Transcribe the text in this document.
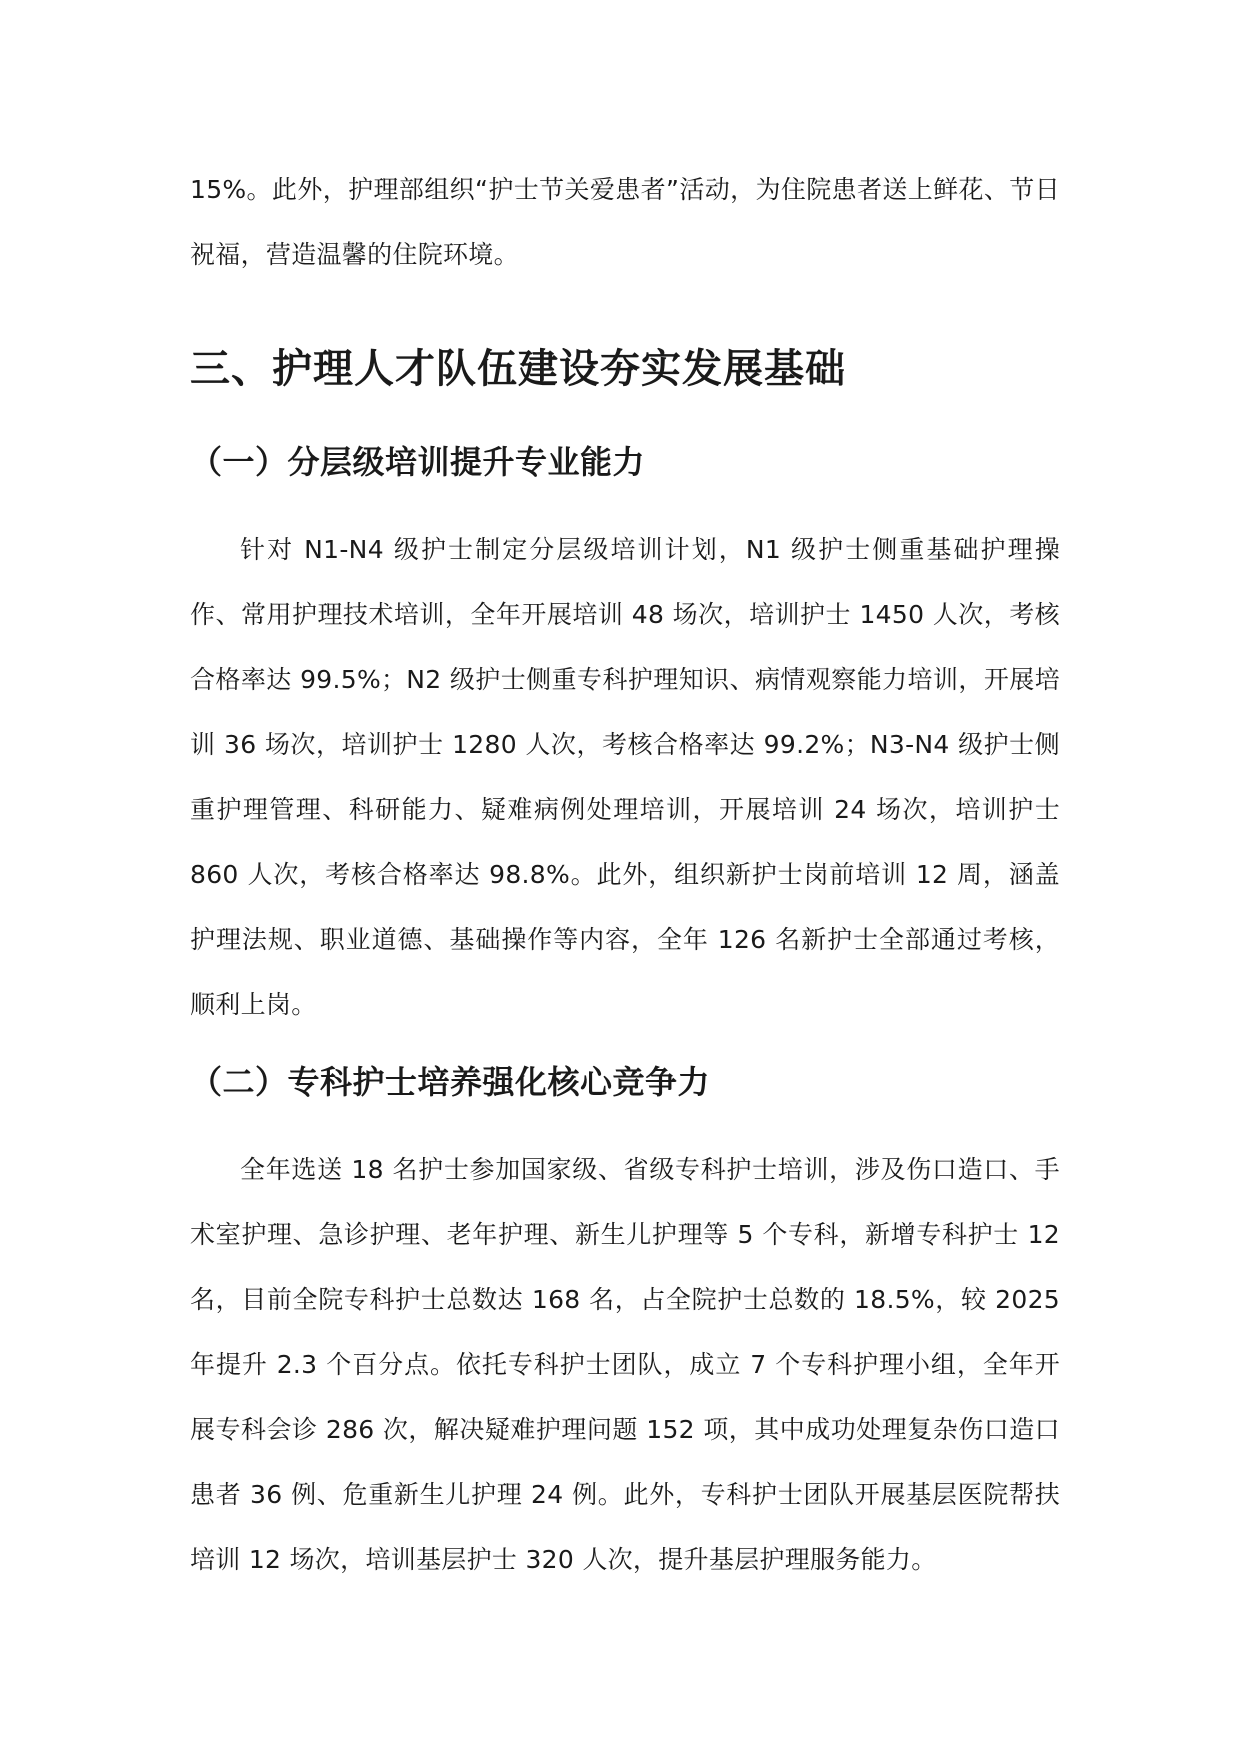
15%。此外，护理部组织“护士节关爱患者”活动，为住院患者送上鲜花、节日祝福，营造温馨的住院环境。

三、护理人才队伍建设夯实发展基础
（一）分层级培训提升专业能力

针对 N1-N4 级护士制定分层级培训计划，N1 级护士侧重基础护理操作、常用护理技术培训，全年开展培训 48 场次，培训护士 1450 人次，考核合格率达 99.5%；N2 级护士侧重专科护理知识、病情观察能力培训，开展培训 36 场次，培训护士 1280 人次，考核合格率达 99.2%；N3-N4 级护士侧重护理管理、科研能力、疑难病例处理培训，开展培训 24 场次，培训护士 860 人次，考核合格率达 98.8%。此外，组织新护士岗前培训 12 周，涵盖护理法规、职业道德、基础操作等内容，全年 126 名新护士全部通过考核，顺利上岗。

（二）专科护士培养强化核心竞争力

全年选送 18 名护士参加国家级、省级专科护士培训，涉及伤口造口、手术室护理、急诊护理、老年护理、新生儿护理等 5 个专科，新增专科护士 12 名，目前全院专科护士总数达 168 名，占全院护士总数的 18.5%，较 2025 年提升 2.3 个百分点。依托专科护士团队，成立 7 个专科护理小组，全年开展专科会诊 286 次，解决疑难护理问题 152 项，其中成功处理复杂伤口造口患者 36 例、危重新生儿护理 24 例。此外，专科护士团队开展基层医院帮扶培训 12 场次，培训基层护士 320 人次，提升基层护理服务能力。
